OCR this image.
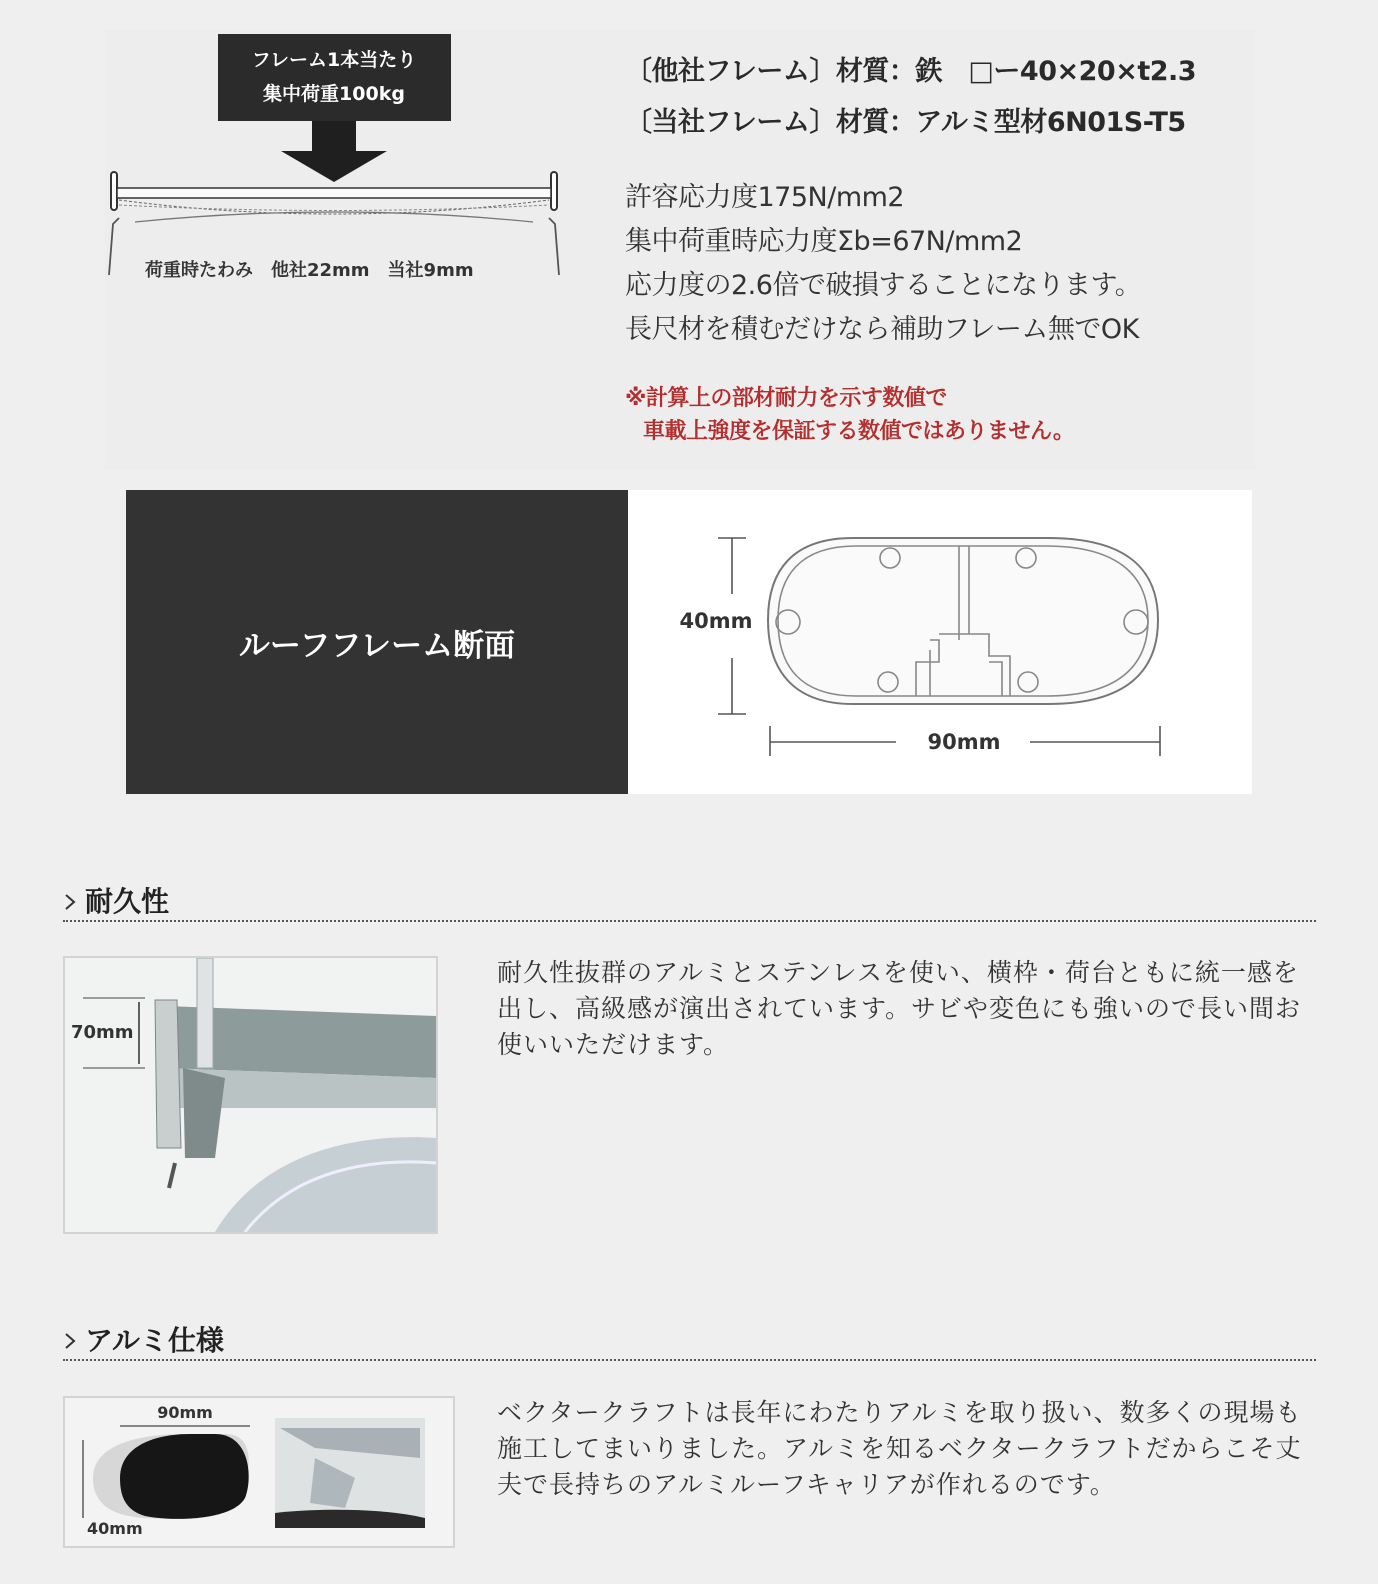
フレーム1本当たり
集中荷重100kg
荷重時たわみ　他社22mm　当社9mm
〔他社フレーム〕材質：鉄　□ー40×20×t2.3
〔当社フレーム〕材質：アルミ型材6N01S-T5
許容応力度175N/mm2
集中荷重時応力度Σb=67N/mm2
応力度の2.6倍で破損することになります。
長尺材を積むだけなら補助フレーム無でOK
※計算上の部材耐力を示す数値で
車載上強度を保証する数値ではありません。
ルーフフレーム断面
40mm
90mm
耐久性
70mm
耐久性抜群のアルミとステンレスを使い、横枠・荷台ともに統一感を出し、高級感が演出されています。サビや変色にも強いので長い間お使いいただけます。
アルミ仕様
90mm
40mm
ベクタークラフトは長年にわたりアルミを取り扱い、数多くの現場も施工してまいりました。アルミを知るベクタークラフトだからこそ丈夫で長持ちのアルミルーフキャリアが作れるのです。
